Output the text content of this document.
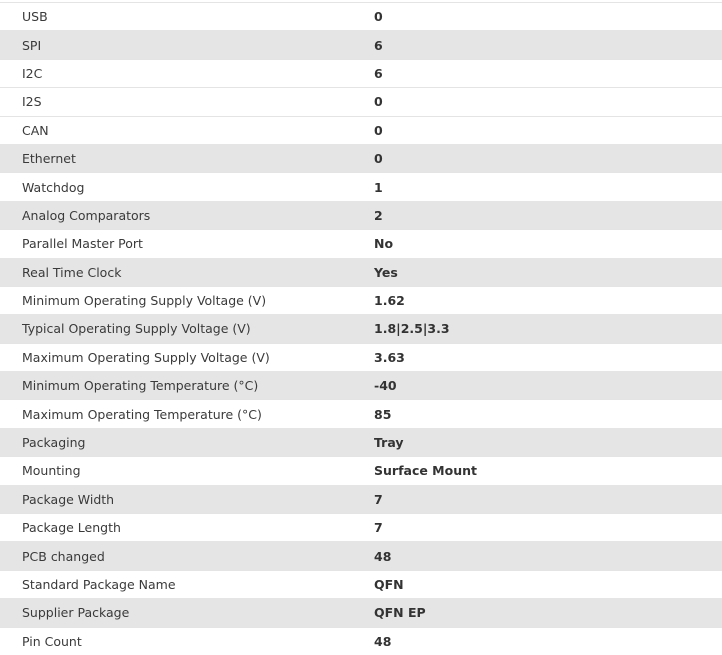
USB	0
SPI	6
I2C	6
I2S	0
CAN	0
Ethernet	0
Watchdog	1
Analog Comparators	2
Parallel Master Port	No
Real Time Clock	Yes
Minimum Operating Supply Voltage (V)	1.62
Typical Operating Supply Voltage (V)	1.8|2.5|3.3
Maximum Operating Supply Voltage (V)	3.63
Minimum Operating Temperature (°C)	-40
Maximum Operating Temperature (°C)	85
Packaging	Tray
Mounting	Surface Mount
Package Width	7
Package Length	7
PCB changed	48
Standard Package Name	QFN
Supplier Package	QFN EP
Pin Count	48
